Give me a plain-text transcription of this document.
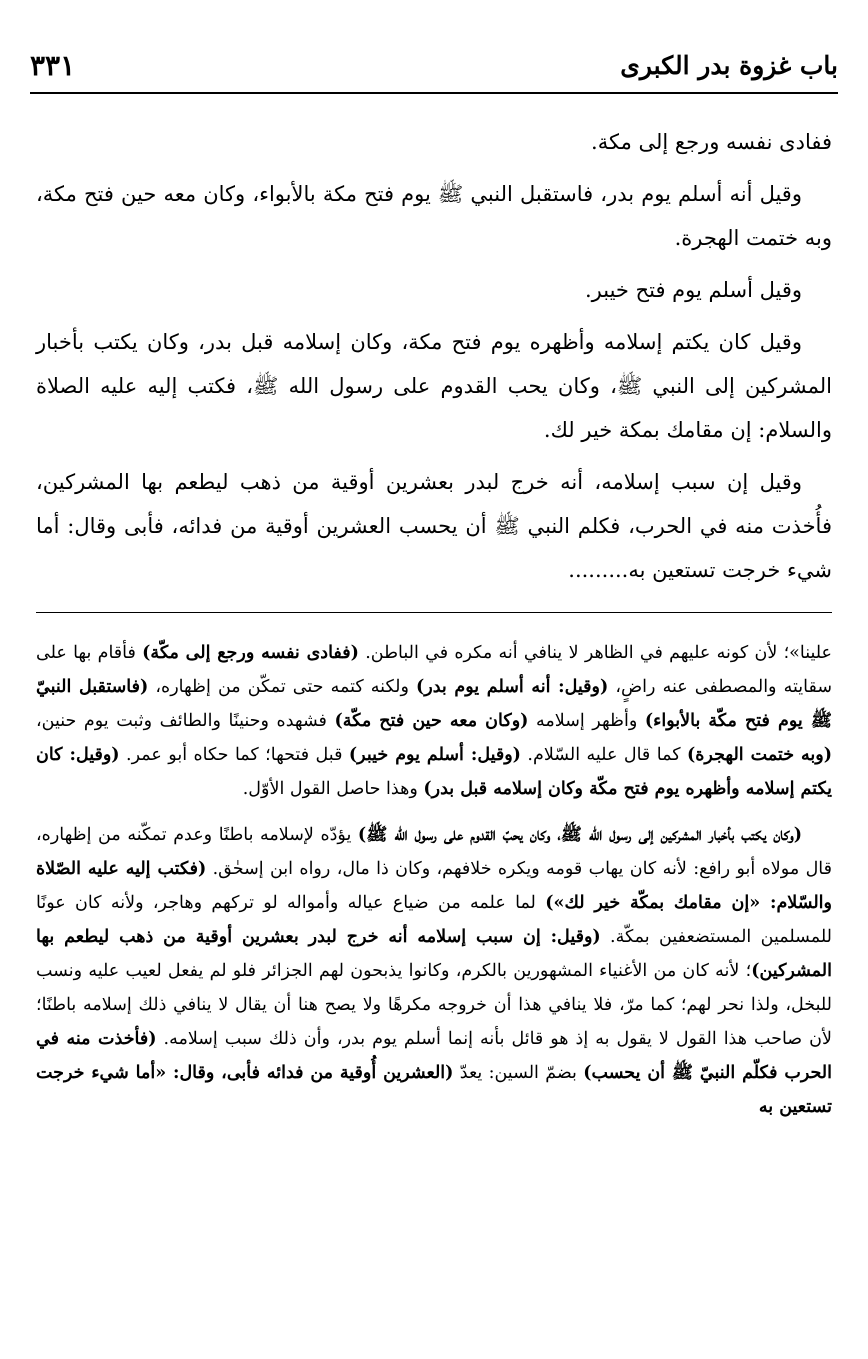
باب غزوة بدر الكبرى
٣٣١

ففادى نفسه ورجع إلى مكة.

وقيل أنه أسلم يوم بدر، فاستقبل النبي ﷺ يوم فتح مكة بالأبواء، وكان معه حين فتح مكة، وبه ختمت الهجرة.

وقيل أسلم يوم فتح خيبر.

وقيل كان يكتم إسلامه وأظهره يوم فتح مكة، وكان إسلامه قبل بدر، وكان يكتب بأخبار المشركين إلى النبي ﷺ، وكان يحب القدوم على رسول الله ﷺ، فكتب إليه عليه الصلاة والسلام: إن مقامك بمكة خير لك.

وقيل إن سبب إسلامه، أنه خرج لبدر بعشرين أوقية من ذهب ليطعم بها المشركين، فأُخذت منه في الحرب، فكلم النبي ﷺ أن يحسب العشرين أوقية من فدائه، فأبى وقال: أما شيء خرجت تستعين به.........

علينا»؛ لأن كونه عليهم في الظاهر لا ينافي أنه مكره في الباطن. (ففادى نفسه ورجع إلى مكّة) فأقام بها على سقايته والمصطفى عنه راضٍ، (وقيل: أنه أسلم يوم بدر) ولكنه كتمه حتى تمكّن من إظهاره، (فاستقبل النبيّ ﷺ يوم فتح مكّة بالأبواء) وأظهر إسلامه (وكان معه حين فتح مكّة) فشهده وحنينًا والطائف وثبت يوم حنين، (وبه ختمت الهجرة) كما قال عليه السّلام. (وقيل: أسلم يوم خيبر) قبل فتحها؛ كما حكاه أبو عمر. (وقيل: كان يكتم إسلامه وأظهره يوم فتح مكّة وكان إسلامه قبل بدر) وهذا حاصل القول الأوّل.

(وكان يكتب بأخبار المشركين إلى رسول اللّه ﷺ، وكان يحبّ القدوم على رسول اللّه ﷺ) يؤدّه لإسلامه باطنًا وعدم تمكّنه من إظهاره، قال مولاه أبو رافع: لأنه كان يهاب قومه ويكره خلافهم، وكان ذا مال، رواه ابن إسحٰق. (فكتب إليه عليه الصّلاة والسّلام: «إن مقامك بمكّة خير لك») لما علمه من ضياع عياله وأمواله لو تركهم وهاجر، ولأنه كان عونًا للمسلمين المستضعفين بمكّة. (وقيل: إن سبب إسلامه أنه خرج لبدر بعشرين أوقية من ذهب ليطعم بها المشركين)؛ لأنه كان من الأغنياء المشهورين بالكرم، وكانوا يذبحون لهم الجزائر فلو لم يفعل لعيب عليه ونسب للبخل، ولذا نحر لهم؛ كما مرّ، فلا ينافي هذا أن خروجه مكرهًا ولا يصح هنا أن يقال لا ينافي ذلك إسلامه باطنًا؛ لأن صاحب هذا القول لا يقول به إذ هو قائل بأنه إنما أسلم يوم بدر، وأن ذلك سبب إسلامه. (فأخذت منه في الحرب فكلّم النبيّ ﷺ أن يحسب) بضمّ السين: يعدّ (العشرين أُوقية من فدائه فأبى، وقال: «أما شيء خرجت تستعين به
